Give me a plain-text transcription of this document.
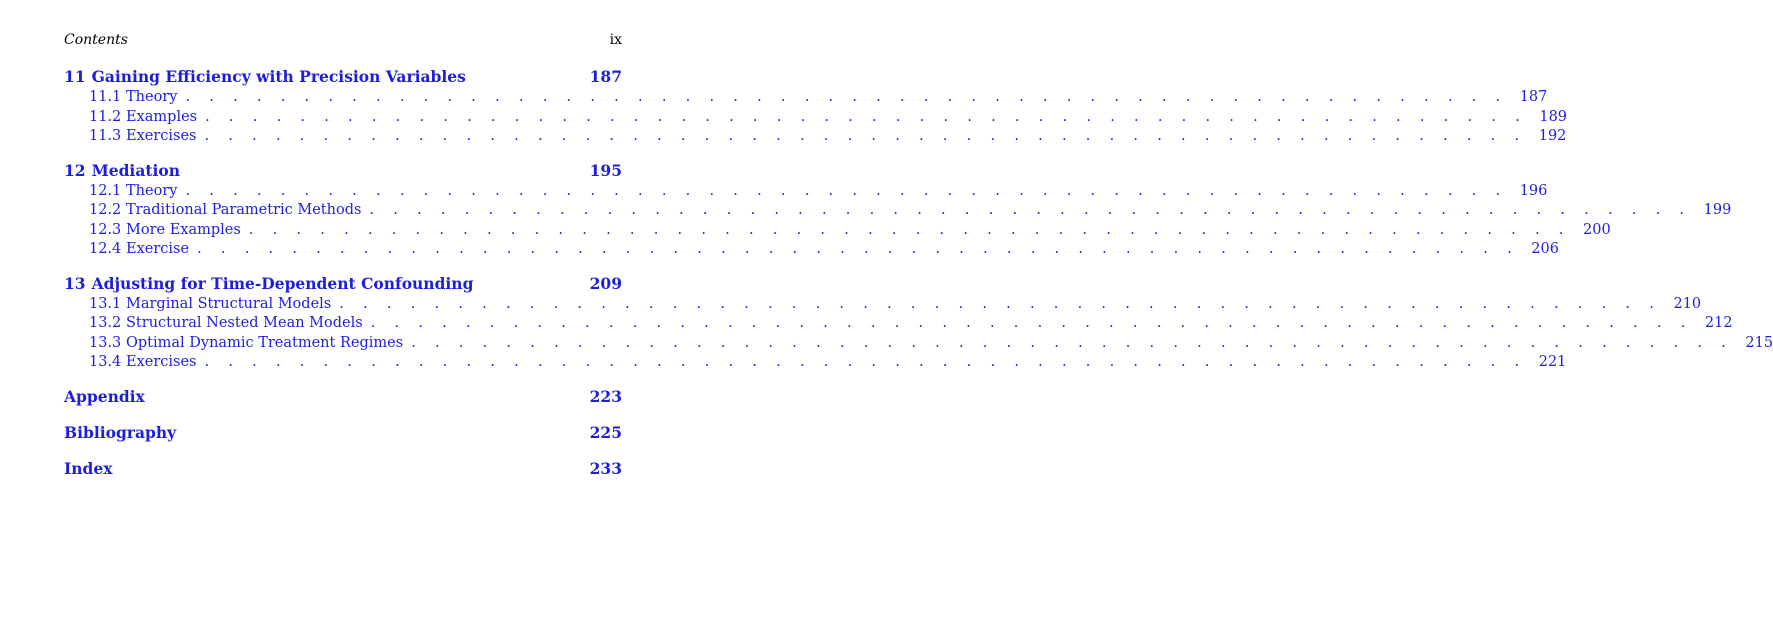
Contents	ix
11 Gaining Efficiency with Precision Variables	187
11.1 Theory . . . . . . . . . . . . . . . . . . . . . . . . . . . . . . . . . . . . . . . . . . . . . . . . . . . . . . . . 187
11.2 Examples . . . . . . . . . . . . . . . . . . . . . . . . . . . . . . . . . . . . . . . . . . . . . . . . . . . . . . . . 189
11.3 Exercises . . . . . . . . . . . . . . . . . . . . . . . . . . . . . . . . . . . . . . . . . . . . . . . . . . . . . . . . 192
12 Mediation	195
12.1 Theory . . . . . . . . . . . . . . . . . . . . . . . . . . . . . . . . . . . . . . . . . . . . . . . . . . . . . . . . 196
12.2 Traditional Parametric Methods . . . . . . . . . . . . . . . . . . . . . . . . . . . . . . . . . . . . . . . . . . . . . . . . . . . . . . . . 199
12.3 More Examples . . . . . . . . . . . . . . . . . . . . . . . . . . . . . . . . . . . . . . . . . . . . . . . . . . . . . . . . 200
12.4 Exercise . . . . . . . . . . . . . . . . . . . . . . . . . . . . . . . . . . . . . . . . . . . . . . . . . . . . . . . . 206
13 Adjusting for Time-Dependent Confounding	209
13.1 Marginal Structural Models . . . . . . . . . . . . . . . . . . . . . . . . . . . . . . . . . . . . . . . . . . . . . . . . . . . . . . . . 210
13.2 Structural Nested Mean Models . . . . . . . . . . . . . . . . . . . . . . . . . . . . . . . . . . . . . . . . . . . . . . . . . . . . . . . . 212
13.3 Optimal Dynamic Treatment Regimes . . . . . . . . . . . . . . . . . . . . . . . . . . . . . . . . . . . . . . . . . . . . . . . . . . . . . . . . 215
13.4 Exercises . . . . . . . . . . . . . . . . . . . . . . . . . . . . . . . . . . . . . . . . . . . . . . . . . . . . . . . . 221
Appendix	223
Bibliography	225
Index	233
